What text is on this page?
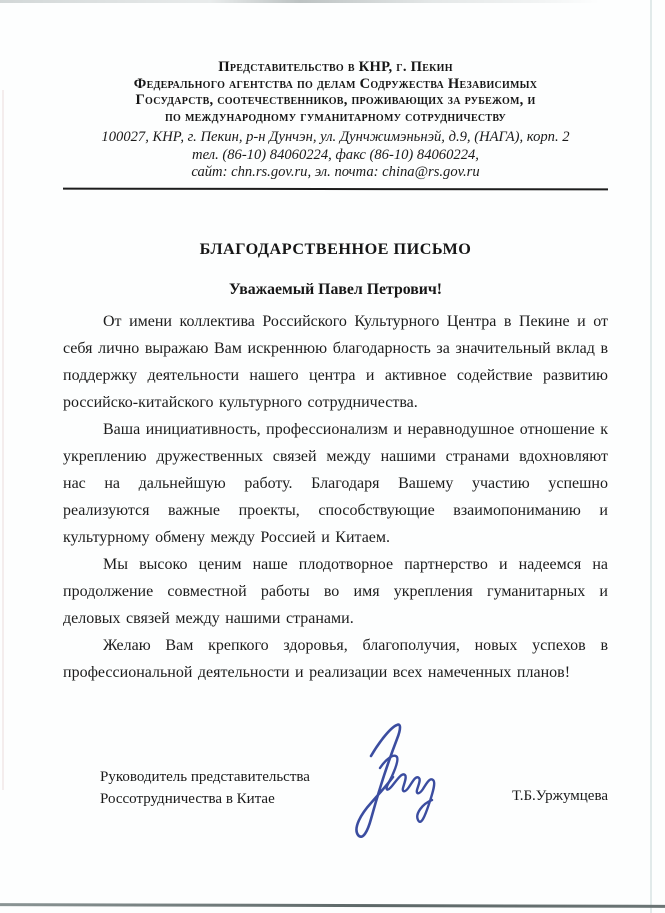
Представительство в КНР, г. Пекин
Федерального агентства по делам Содружества Независимых
Государств, соотечественников, проживающих за рубежом, и
по международному гуманитарному сотрудничеству
100027, КНР, г. Пекин, р-н Дунчэн, ул. Дунчжимэньнэй, д.9, (НАГА), корп. 2
тел. (86-10) 84060224, факс (86-10) 84060224,
сайт: chn.rs.gov.ru, эл. почта: china@rs.gov.ru
БЛАГОДАРСТВЕННОЕ ПИСЬМО
Уважаемый Павел Петрович!

От имени коллектива Российского Культурного Центра в Пекине и от себя лично выражаю Вам искреннюю благодарность за значительный вклад в поддержку деятельности нашего центра и активное содействие развитию российско-китайского культурного сотрудничества.

Ваша инициативность, профессионализм и неравнодушное отношение к укреплению дружественных связей между нашими странами вдохновляют нас на дальнейшую работу. Благодаря Вашему участию успешно реализуются важные проекты, способствующие взаимопониманию и культурному обмену между Россией и Китаем.

Мы высоко ценим наше плодотворное партнерство и надеемся на продолжение совместной работы во имя укрепления гуманитарных и деловых связей между нашими странами.

Желаю Вам крепкого здоровья, благополучия, новых успехов в профессиональной деятельности и реализации всех намеченных планов!

Руководитель представительства
Россотрудничества в Китае	Т.Б.Уржумцева
